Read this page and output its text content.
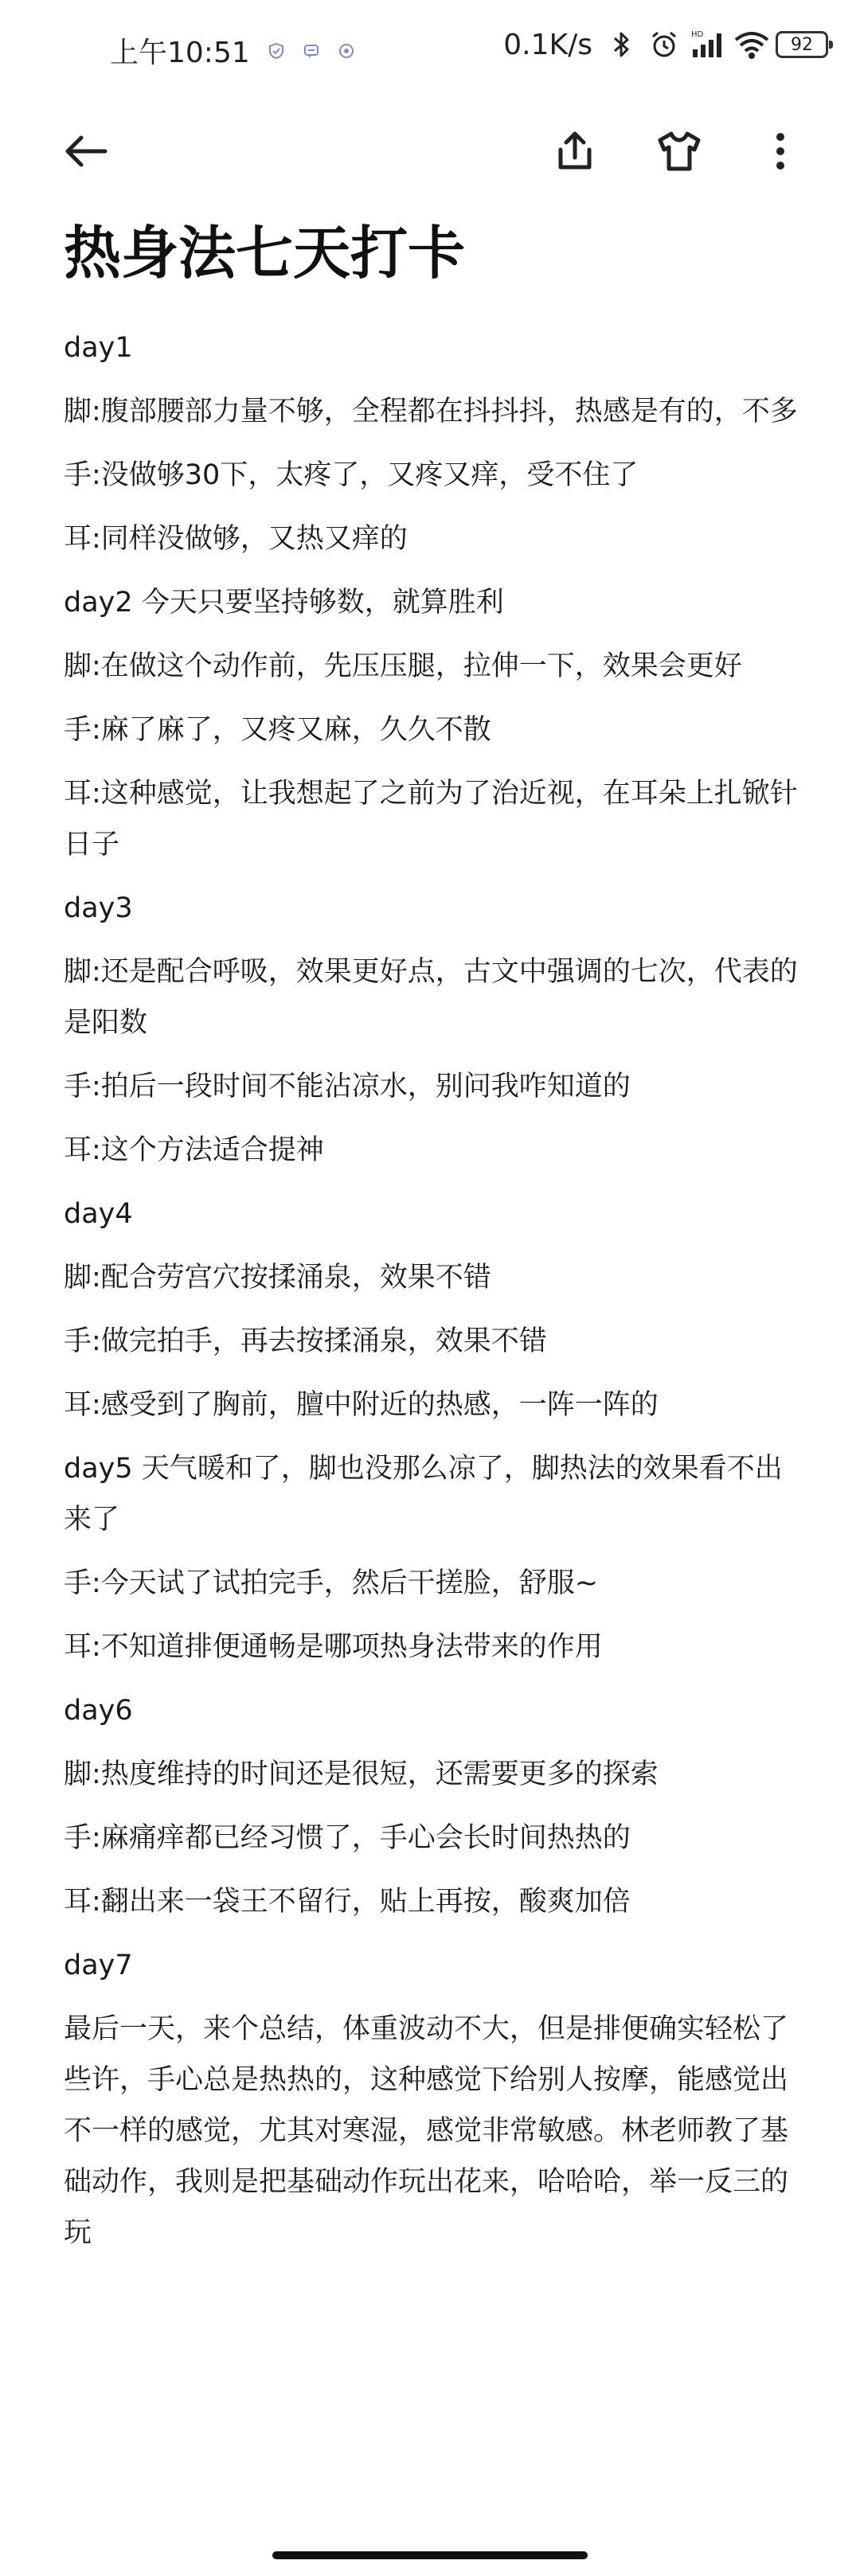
上午10:51	0.1K/s	HD	92
热身法七天打卡

day1

脚:腹部腰部力量不够，全程都在抖抖抖，热感是有的，不多

手:没做够30下，太疼了，又疼又痒，受不住了

耳:同样没做够，又热又痒的

day2 今天只要坚持够数，就算胜利

脚:在做这个动作前，先压压腿，拉伸一下，效果会更好

手:麻了麻了，又疼又麻，久久不散

耳:这种感觉，让我想起了之前为了治近视，在耳朵上扎锨针日子

day3

脚:还是配合呼吸，效果更好点，古文中强调的七次，代表的是阳数

手:拍后一段时间不能沾凉水，别问我咋知道的

耳:这个方法适合提神

day4

脚:配合劳宫穴按揉涌泉，效果不错

手:做完拍手，再去按揉涌泉，效果不错

耳:感受到了胸前，膻中附近的热感，一阵一阵的

day5 天气暖和了，脚也没那么凉了，脚热法的效果看不出来了

手:今天试了试拍完手，然后干搓脸，舒服~

耳:不知道排便通畅是哪项热身法带来的作用

day6

脚:热度维持的时间还是很短，还需要更多的探索

手:麻痛痒都已经习惯了，手心会长时间热热的

耳:翻出来一袋王不留行，贴上再按，酸爽加倍

day7

最后一天，来个总结，体重波动不大，但是排便确实轻松了些许，手心总是热热的，这种感觉下给别人按摩，能感觉出不一样的感觉，尤其对寒湿，感觉非常敏感。林老师教了基础动作，我则是把基础动作玩出花来，哈哈哈，举一反三的玩
